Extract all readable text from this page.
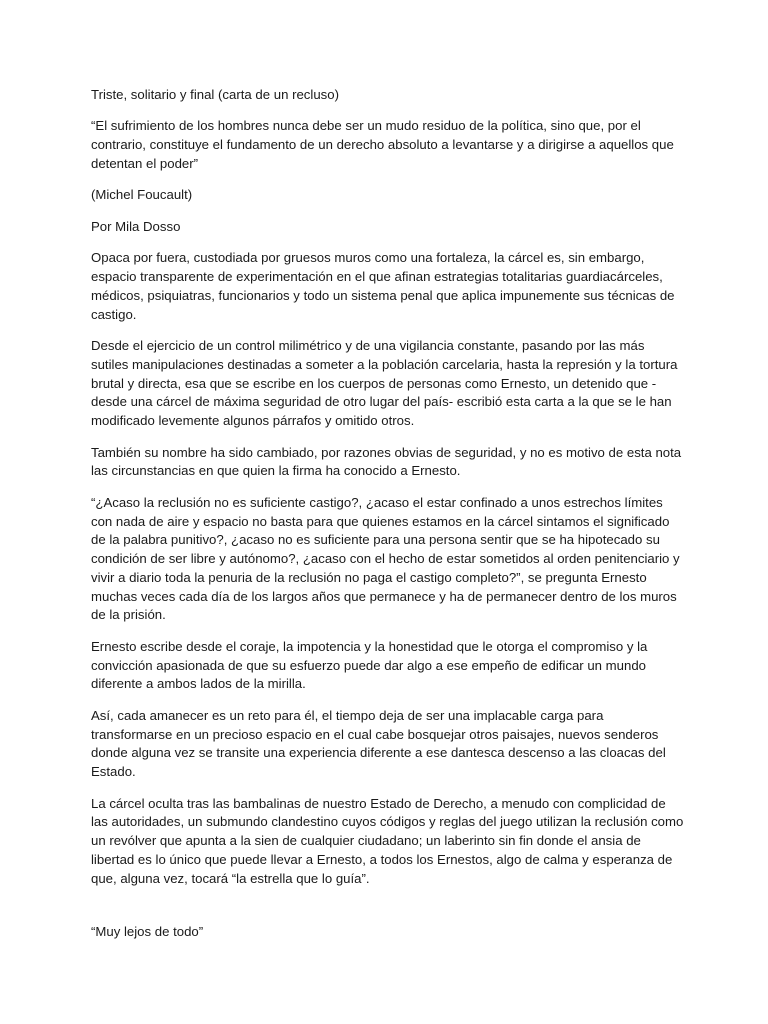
Triste, solitario y final (carta de un recluso)

“El sufrimiento de los hombres nunca debe ser un mudo residuo de la política, sino que, por el contrario, constituye el fundamento de un derecho absoluto a levantarse y a dirigirse a aquellos que detentan el poder”

(Michel Foucault)

Por Mila Dosso

Opaca por fuera, custodiada por gruesos muros como una fortaleza, la cárcel es, sin embargo, espacio transparente de experimentación en el que afinan estrategias totalitarias guardiacárceles, médicos, psiquiatras, funcionarios y todo un sistema penal que aplica impunemente sus técnicas de castigo.

Desde el ejercicio de un control milimétrico y de una vigilancia constante, pasando por las más sutiles manipulaciones destinadas a someter a la población carcelaria, hasta la represión y la tortura brutal y directa, esa que se escribe en los cuerpos de personas como Ernesto, un detenido que -desde una cárcel de máxima seguridad de otro lugar del país- escribió esta carta a la que se le han modificado levemente algunos párrafos y omitido otros.

También su nombre ha sido cambiado, por razones obvias de seguridad, y no es motivo de esta nota las circunstancias en que quien la firma ha conocido a Ernesto.

“¿Acaso la reclusión no es suficiente castigo?, ¿acaso el estar confinado a unos estrechos límites con nada de aire y espacio no basta para que quienes estamos en la cárcel sintamos el significado de la palabra punitivo?, ¿acaso no es suficiente para una persona sentir que se ha hipotecado su condición de ser libre y autónomo?, ¿acaso con el hecho de estar sometidos al orden penitenciario y vivir a diario toda la penuria de la reclusión no paga el castigo completo?”, se pregunta Ernesto muchas veces cada día de los largos años que permanece y ha de permanecer dentro de los muros de la prisión.

Ernesto escribe desde el coraje, la impotencia y la honestidad que le otorga el compromiso y la convicción apasionada de que su esfuerzo puede dar algo a ese empeño de edificar un mundo diferente a ambos lados de la mirilla.

Así, cada amanecer es un reto para él, el tiempo deja de ser una implacable carga para transformarse en un precioso espacio en el cual cabe bosquejar otros paisajes, nuevos senderos donde alguna vez se transite una experiencia diferente a ese dantesca descenso a las cloacas del Estado.

La cárcel oculta tras las bambalinas de nuestro Estado de Derecho, a menudo con complicidad de las autoridades, un submundo clandestino cuyos códigos y reglas del juego utilizan la reclusión como un revólver que apunta a la sien de cualquier ciudadano; un laberinto sin fin donde el ansia de libertad es lo único que puede llevar a Ernesto, a todos los Ernestos, algo de calma y esperanza de que, alguna vez, tocará “la estrella que lo guía”.

“Muy lejos de todo”
